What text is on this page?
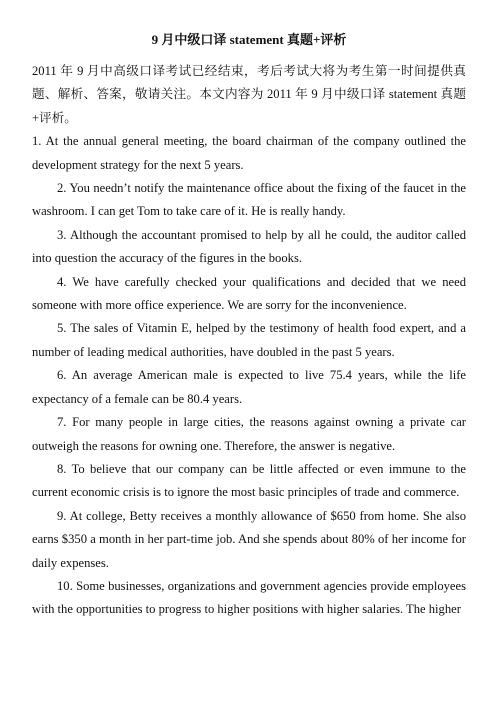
9 月中级口译 statement 真题+评析

2011 年 9 月中高级口译考试已经结束，考后考试大将为考生第一时间提供真题、解析、答案，敬请关注。本文内容为 2011 年 9 月中级口译 statement 真题+评析。

1. At the annual general meeting, the board chairman of the company outlined the development strategy for the next 5 years.

2. You needn’t notify the maintenance office about the fixing of the faucet in the washroom. I can get Tom to take care of it. He is really handy.

3. Although the accountant promised to help by all he could, the auditor called into question the accuracy of the figures in the books.

4. We have carefully checked your qualifications and decided that we need someone with more office experience. We are sorry for the inconvenience.

5. The sales of Vitamin E, helped by the testimony of health food expert, and a number of leading medical authorities, have doubled in the past 5 years.

6. An average American male is expected to live 75.4 years, while the life expectancy of a female can be 80.4 years.

7. For many people in large cities, the reasons against owning a private car outweigh the reasons for owning one. Therefore, the answer is negative.

8. To believe that our company can be little affected or even immune to the current economic crisis is to ignore the most basic principles of trade and commerce.

9. At college, Betty receives a monthly allowance of $650 from home. She also earns $350 a month in her part-time job. And she spends about 80% of her income for daily expenses.

10. Some businesses, organizations and government agencies provide employees with the opportunities to progress to higher positions with higher salaries. The higher
